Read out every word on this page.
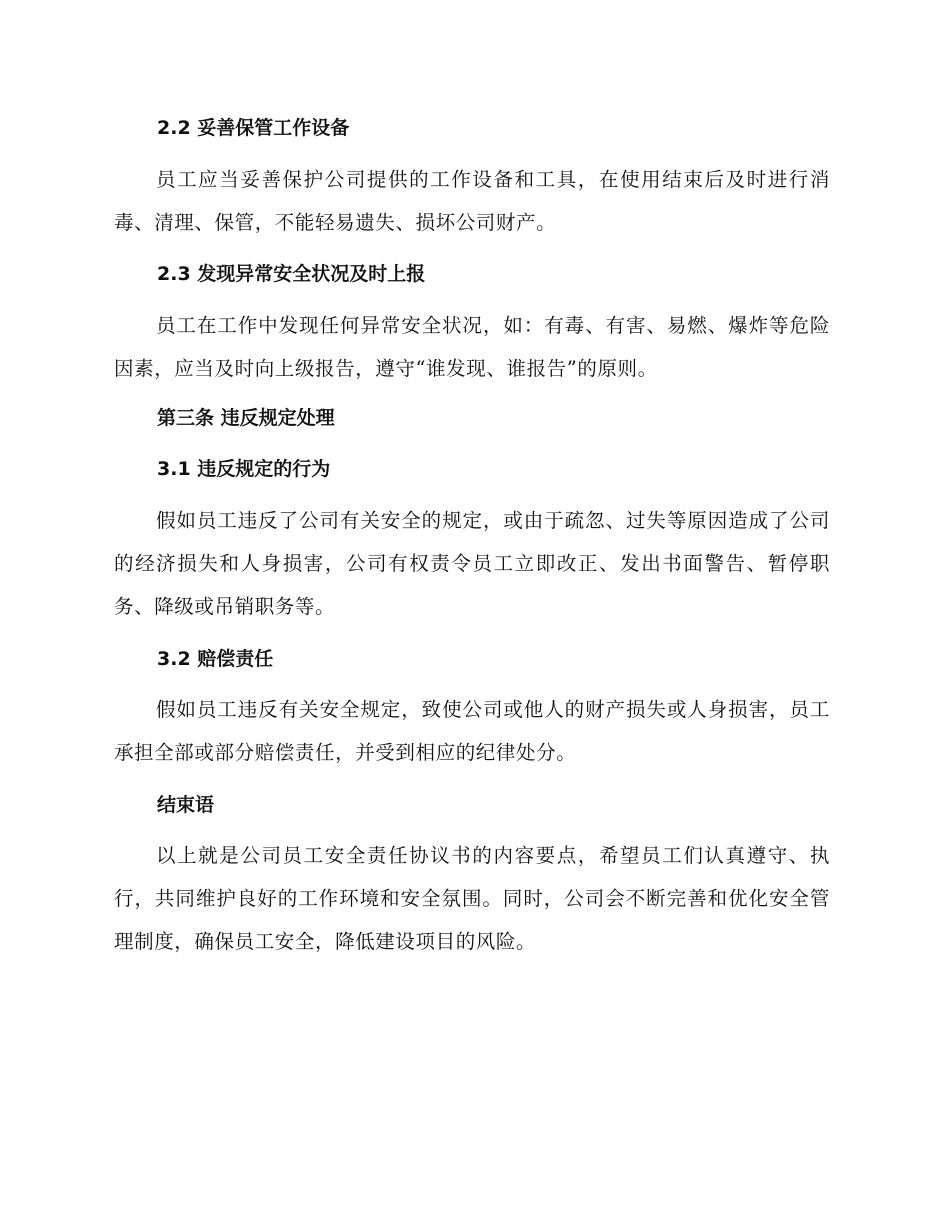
2.2 妥善保管工作设备
员工应当妥善保护公司提供的工作设备和工具，在使用结束后及时进行消毒、清理、保管，不能轻易遗失、损坏公司财产。
2.3 发现异常安全状况及时上报
员工在工作中发现任何异常安全状况，如：有毒、有害、易燃、爆炸等危险因素，应当及时向上级报告，遵守“谁发现、谁报告”的原则。
第三条 违反规定处理
3.1 违反规定的行为
假如员工违反了公司有关安全的规定，或由于疏忽、过失等原因造成了公司的经济损失和人身损害，公司有权责令员工立即改正、发出书面警告、暂停职务、降级或吊销职务等。
3.2 赔偿责任
假如员工违反有关安全规定，致使公司或他人的财产损失或人身损害，员工承担全部或部分赔偿责任，并受到相应的纪律处分。
结束语
以上就是公司员工安全责任协议书的内容要点，希望员工们认真遵守、执行，共同维护良好的工作环境和安全氛围。同时，公司会不断完善和优化安全管理制度，确保员工安全，降低建设项目的风险。
